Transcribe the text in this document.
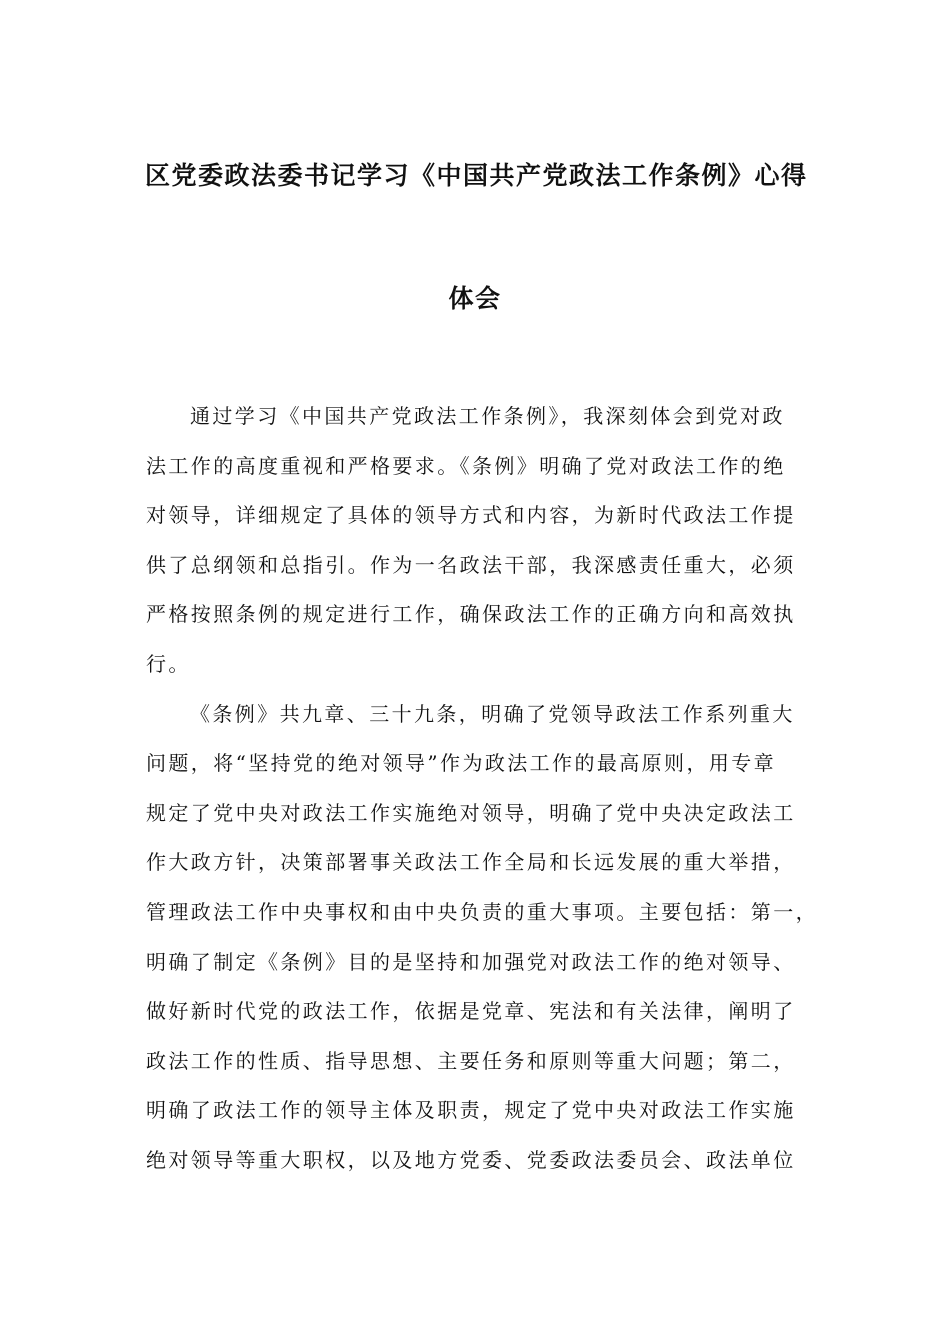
区党委政法委书记学习《中国共产党政法工作条例》心得
体会
通过学习《中国共产党政法工作条例》，我深刻体会到党对政
法工作的高度重视和严格要求。《条例》明确了党对政法工作的绝
对领导，详细规定了具体的领导方式和内容，为新时代政法工作提
供了总纲领和总指引。作为一名政法干部，我深感责任重大，必须
严格按照条例的规定进行工作，确保政法工作的正确方向和高效执
行。
《条例》共九章、三十九条，明确了党领导政法工作系列重大
问题，将“坚持党的绝对领导”作为政法工作的最高原则，用专章
规定了党中央对政法工作实施绝对领导，明确了党中央决定政法工
作大政方针，决策部署事关政法工作全局和长远发展的重大举措，
管理政法工作中央事权和由中央负责的重大事项。主要包括：第一，
明确了制定《条例》目的是坚持和加强党对政法工作的绝对领导、
做好新时代党的政法工作，依据是党章、宪法和有关法律，阐明了
政法工作的性质、指导思想、主要任务和原则等重大问题；第二，
明确了政法工作的领导主体及职责，规定了党中央对政法工作实施
绝对领导等重大职权，以及地方党委、党委政法委员会、政法单位
